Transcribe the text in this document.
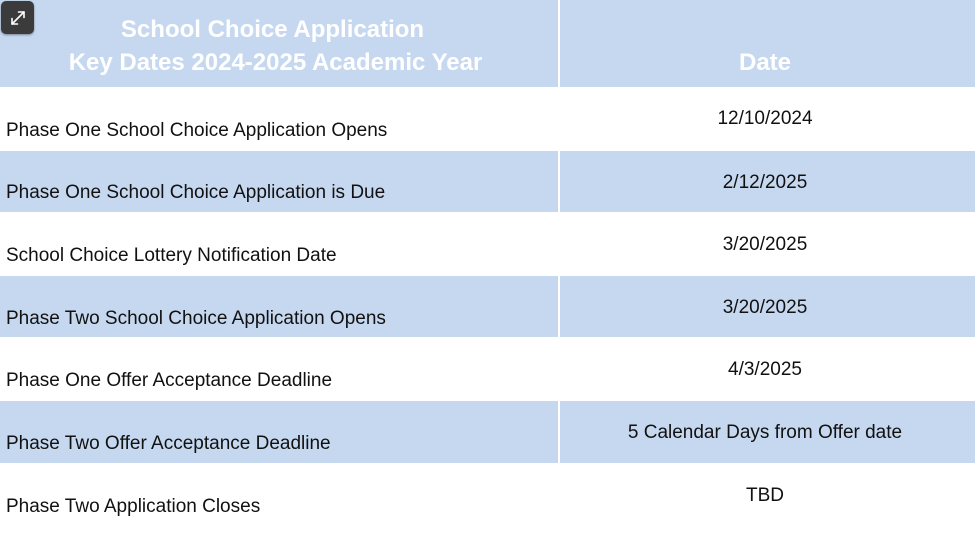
School Choice Application
Key Dates 2024-2025 Academic Year	Date
Phase One School Choice Application Opens
12/10/2024
Phase One School Choice Application is Due	2/12/2025
School Choice Lottery Notification Date
3/20/2025
Phase Two School Choice Application Opens
3/20/2025
Phase One Offer Acceptance Deadline
4/3/2025
Phase Two Offer Acceptance Deadline
5 Calendar Days from Offer date
Phase Two Application Closes
TBD
